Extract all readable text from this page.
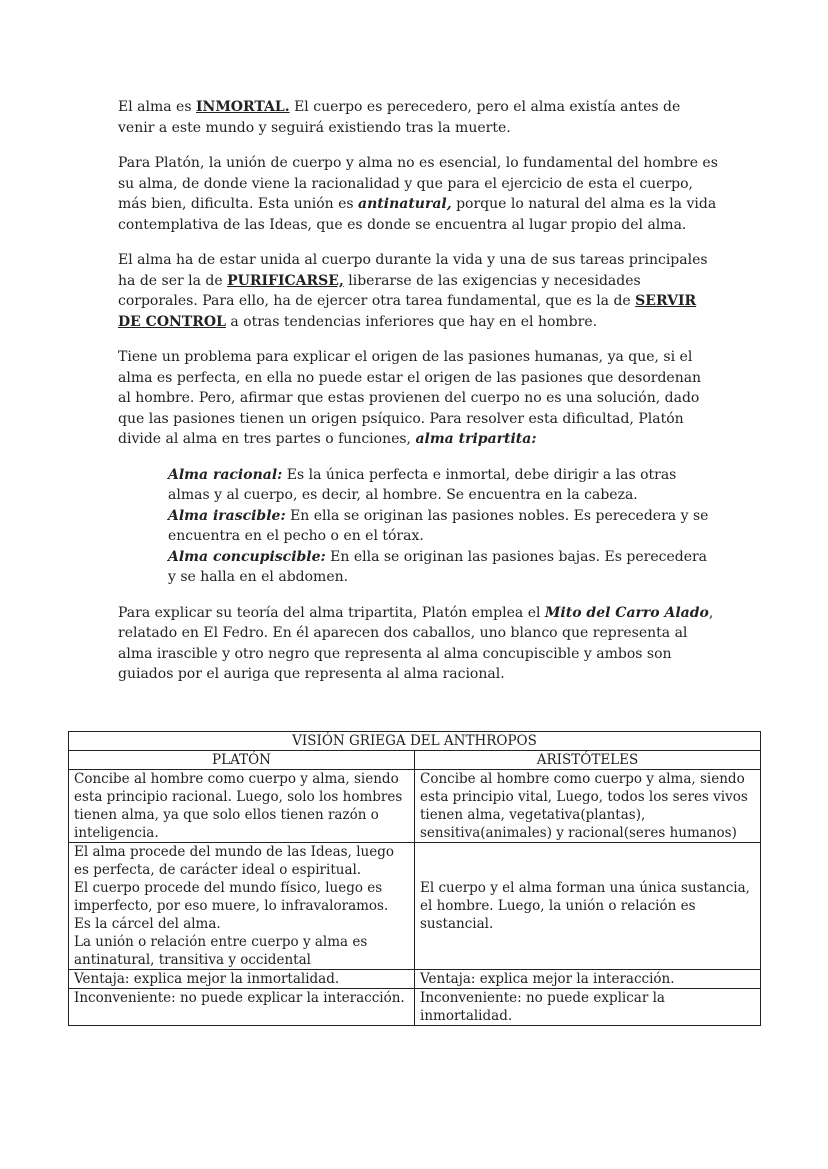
El alma es INMORTAL. El cuerpo es perecedero, pero el alma existía antes de venir a este mundo y seguirá existiendo tras la muerte.

Para Platón, la unión de cuerpo y alma no es esencial, lo fundamental del hombre es su alma, de donde viene la racionalidad y que para el ejercicio de esta el cuerpo, más bien, dificulta. Esta unión es antinatural, porque lo natural del alma es la vida contemplativa de las Ideas, que es donde se encuentra al lugar propio del alma.

El alma ha de estar unida al cuerpo durante la vida y una de sus tareas principales ha de ser la de PURIFICARSE, liberarse de las exigencias y necesidades corporales. Para ello, ha de ejercer otra tarea fundamental, que es la de SERVIR DE CONTROL a otras tendencias inferiores que hay en el hombre.

Tiene un problema para explicar el origen de las pasiones humanas, ya que, si el alma es perfecta, en ella no puede estar el origen de las pasiones que desordenan al hombre. Pero, afirmar que estas provienen del cuerpo no es una solución, dado que las pasiones tienen un origen psíquico. Para resolver esta dificultad, Platón divide al alma en tres partes o funciones, alma tripartita:

Alma racional: Es la única perfecta e inmortal, debe dirigir a las otras almas y al cuerpo, es decir, al hombre. Se encuentra en la cabeza.
Alma irascible: En ella se originan las pasiones nobles. Es perecedera y se encuentra en el pecho o en el tórax.
Alma concupiscible: En ella se originan las pasiones bajas. Es perecedera y se halla en el abdomen.

Para explicar su teoría del alma tripartita, Platón emplea el Mito del Carro Alado, relatado en El Fedro. En él aparecen dos caballos, uno blanco que representa al alma irascible y otro negro que representa al alma concupiscible y ambos son guiados por el auriga que representa al alma racional.

VISIÓN GRIEGA DEL ANTHROPOS	
PLATÓN	ARISTÓTELES
Concibe al hombre como cuerpo y alma, siendo esta principio racional. Luego, solo los hombres tienen alma, ya que solo ellos tienen razón o inteligencia.	Concibe al hombre como cuerpo y alma, siendo esta principio vital, Luego, todos los seres vivos tienen alma, vegetativa(plantas), sensitiva(animales) y racional(seres humanos)

El alma procede del mundo de las Ideas, luego es perfecta, de carácter ideal o espiritual.
El cuerpo procede del mundo físico, luego es imperfecto, por eso muere, lo infravaloramos. Es la cárcel del alma.
La unión o relación entre cuerpo y alma es antinatural, transitiva y occidental	El cuerpo y el alma forman una única sustancia, el hombre. Luego, la unión o relación es sustancial.
Ventaja: explica mejor la inmortalidad.	Ventaja: explica mejor la interacción.
Inconveniente: no puede explicar la interacción.	Inconveniente: no puede explicar la inmortalidad.
